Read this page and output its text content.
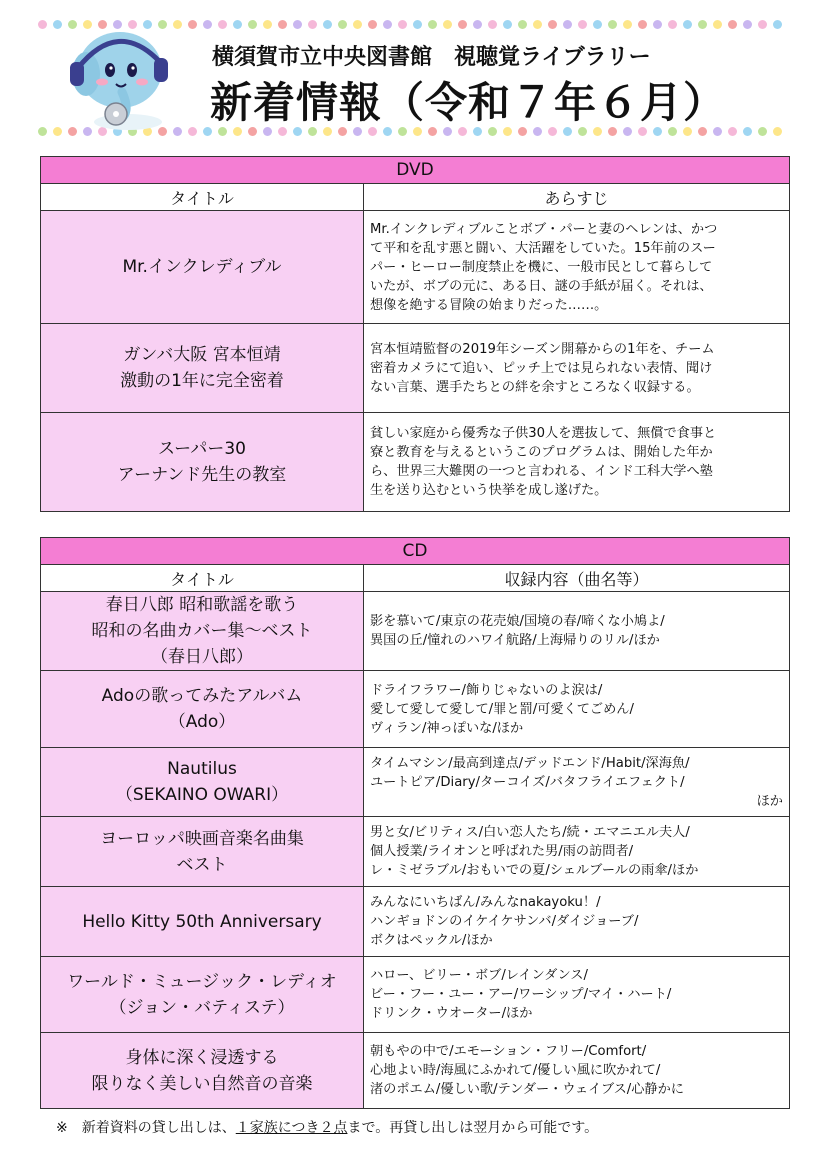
横須賀市立中央図書館　視聴覚ライブラリー
新着情報（令和７年６月）
DVD	
タイトル	あらすじ

Mr.インクレディブル	Mr.インクレディブルことボブ・パーと妻のヘレンは、かつ
て平和を乱す悪と闘い、大活躍をしていた。15年前のスー
パー・ヒーロー制度禁止を機に、一般市民として暮らして
いたが、ボブの元に、ある日、謎の手紙が届く。それは、
想像を絶する冒険の始まりだった……。

ガンバ大阪 宮本恒靖
激動の1年に完全密着	宮本恒靖監督の2019年シーズン開幕からの1年を、チーム
密着カメラにて追い、ピッチ上では見られない表情、聞け
ない言葉、選手たちとの絆を余すところなく収録する。

スーパー30
アーナンド先生の教室	貧しい家庭から優秀な子供30人を選抜して、無償で食事と
寮と教育を与えるというこのプログラムは、開始した年か
ら、世界三大難関の一つと言われる、インド工科大学へ塾
生を送り込むという快挙を成し遂げた。
CD	
タイトル	収録内容（曲名等）

春日八郎 昭和歌謡を歌う
昭和の名曲カバー集～ベスト
（春日八郎）	影を慕いて/東京の花売娘/国境の春/啼くな小鳩よ/
異国の丘/憧れのハワイ航路/上海帰りのリル/ほか

Adoの歌ってみたアルバム
（Ado）	ドライフラワー/飾りじゃないのよ涙は/
愛して愛して愛して/罪と罰/可愛くてごめん/
ヴィラン/神っぽいな/ほか

Nautilus
（SEKAINO OWARI）	タイムマシン/最高到達点/デッドエンド/Habit/深海魚/
ユートピア/Diary/ターコイズ/バタフライエフェクト/
ほか

ヨーロッパ映画音楽名曲集
ベスト	男と女/ビリティス/白い恋人たち/続・エマニエル夫人/
個人授業/ライオンと呼ばれた男/雨の訪問者/
レ・ミゼラブル/おもいでの夏/シェルブールの雨傘/ほか

Hello Kitty 50th Anniversary	みんなにいちばん/みんなnakayoku！/
ハンギョドンのイケイケサンバ/ダイジョーブ/
ボクはペックル/ほか

ワールド・ミュージック・レディオ
（ジョン・バティステ）	ハロー、ビリー・ボブ/レインダンス/
ビー・フー・ユー・アー/ワーシップ/マイ・ハート/
ドリンク・ウオーター/ほか

身体に深く浸透する
限りなく美しい自然音の音楽	朝もやの中で/エモーション・フリー/Comfort/
心地よい時/海風にふかれて/優しい風に吹かれて/
渚のポエム/優しい歌/テンダー・ウェイブス/心静かに
※　新着資料の貸し出しは、１家族につき２点まで。再貸し出しは翌月から可能です。
